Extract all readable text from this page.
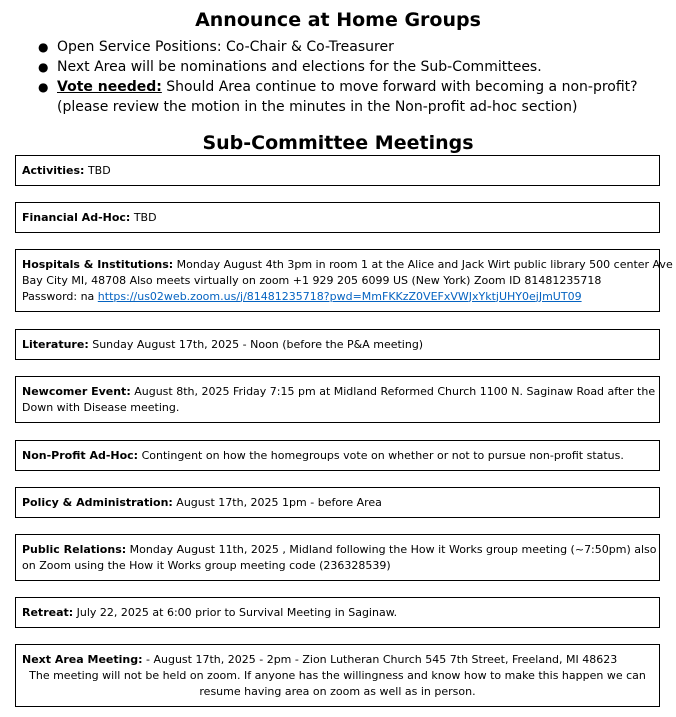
Announce at Home Groups
● Open Service Positions: Co-Chair & Co-Treasurer
● Next Area will be nominations and elections for the Sub-Committees.
● Vote needed: Should Area continue to move forward with becoming a non-profit?
(please review the motion in the minutes in the Non-profit ad-hoc section)
Sub-Committee Meetings
Activities: TBD
Financial Ad-Hoc: TBD
Hospitals & Institutions: Monday August 4th 3pm in room 1 at the Alice and Jack Wirt public library 500 center Ave
Bay City MI, 48708 Also meets virtually on zoom +1 929 205 6099 US (New York) Zoom ID 81481235718
Password: na https://us02web.zoom.us/j/81481235718?pwd=MmFKKzZ0VEFxVWJxYktjUHY0ejJmUT09
Literature: Sunday August 17th, 2025 - Noon (before the P&A meeting)
Newcomer Event: August 8th, 2025 Friday 7:15 pm at Midland Reformed Church 1100 N. Saginaw Road after the
Down with Disease meeting.
Non-Profit Ad-Hoc: Contingent on how the homegroups vote on whether or not to pursue non-profit status.
Policy & Administration: August 17th, 2025 1pm - before Area
Public Relations: Monday August 11th, 2025 , Midland following the How it Works group meeting (~7:50pm) also
on Zoom using the How it Works group meeting code (236328539)
Retreat: July 22, 2025 at 6:00 prior to Survival Meeting in Saginaw.
Next Area Meeting: - August 17th, 2025 - 2pm - Zion Lutheran Church 545 7th Street, Freeland, MI 48623
The meeting will not be held on zoom. If anyone has the willingness and know how to make this happen we can
resume having area on zoom as well as in person.
